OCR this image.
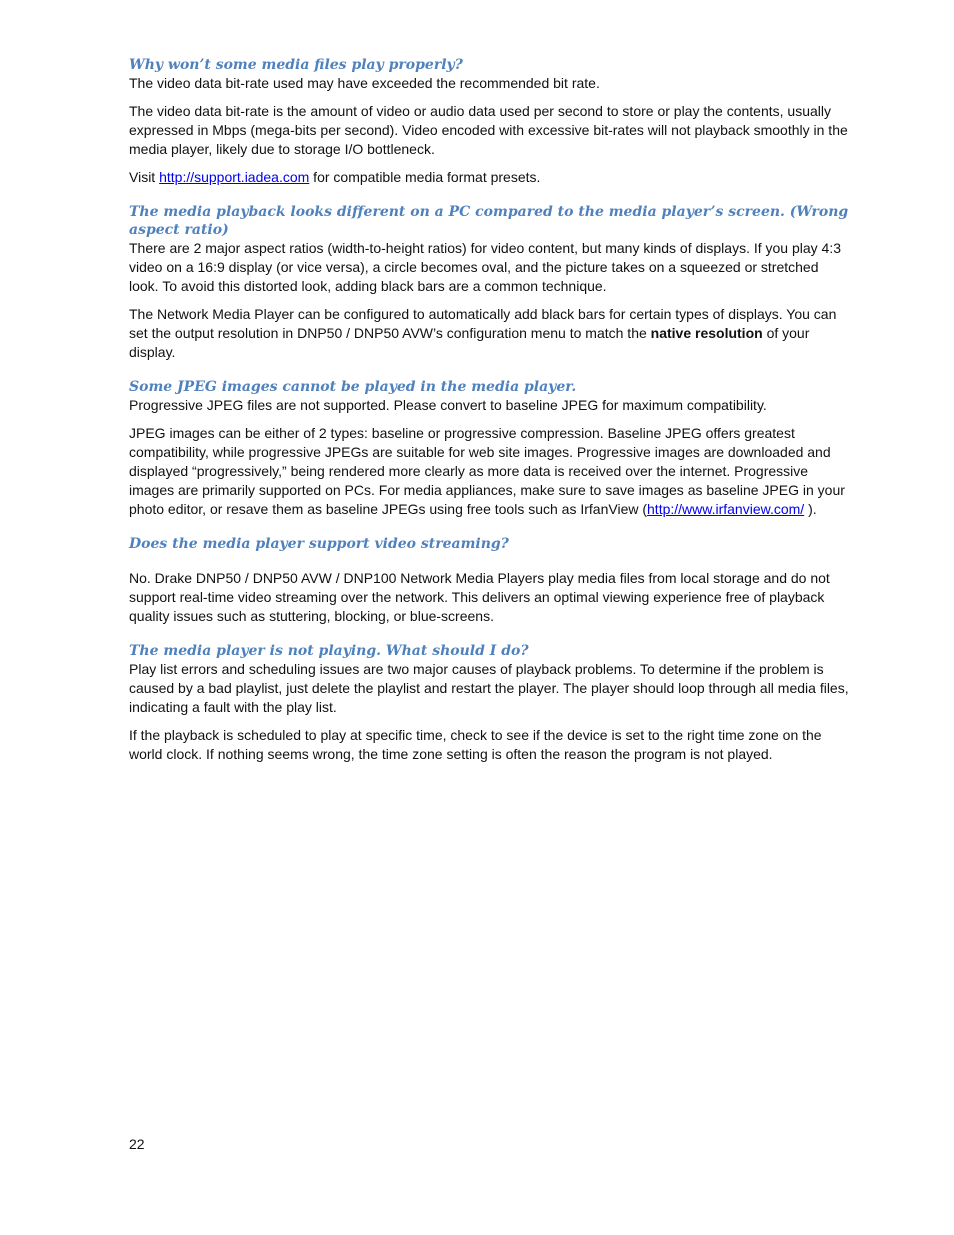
Why won’t some media files play properly?

The video data bit-rate used may have exceeded the recommended bit rate.

The video data bit-rate is the amount of video or audio data used per second to store or play the contents, usually expressed in Mbps (mega-bits per second). Video encoded with excessive bit-rates will not playback smoothly in the media player, likely due to storage I/O bottleneck.

Visit http://support.iadea.com for compatible media format presets.

The media playback looks different on a PC compared to the media player’s screen. (Wrong aspect ratio)

There are 2 major aspect ratios (width-to-height ratios) for video content, but many kinds of displays. If you play 4:3 video on a 16:9 display (or vice versa), a circle becomes oval, and the picture takes on a squeezed or stretched look. To avoid this distorted look, adding black bars are a common technique.

The Network Media Player can be configured to automatically add black bars for certain types of displays. You can set the output resolution in DNP50 / DNP50 AVW’s configuration menu to match the native resolution of your display.

Some JPEG images cannot be played in the media player.

Progressive JPEG files are not supported. Please convert to baseline JPEG for maximum compatibility.

JPEG images can be either of 2 types: baseline or progressive compression. Baseline JPEG offers greatest compatibility, while progressive JPEGs are suitable for web site images. Progressive images are downloaded and displayed “progressively,” being rendered more clearly as more data is received over the internet. Progressive images are primarily supported on PCs. For media appliances, make sure to save images as baseline JPEG in your photo editor, or resave them as baseline JPEGs using free tools such as IrfanView (http://www.irfanview.com/ ).

Does the media player support video streaming?

No. Drake DNP50 / DNP50 AVW / DNP100 Network Media Players play media files from local storage and do not support real-time video streaming over the network. This delivers an optimal viewing experience free of playback quality issues such as stuttering, blocking, or blue-screens.

The media player is not playing. What should I do?

Play list errors and scheduling issues are two major causes of playback problems. To determine if the problem is caused by a bad playlist, just delete the playlist and restart the player. The player should loop through all media files, indicating a fault with the play list.

If the playback is scheduled to play at specific time, check to see if the device is set to the right time zone on the world clock. If nothing seems wrong, the time zone setting is often the reason the program is not played.

22
